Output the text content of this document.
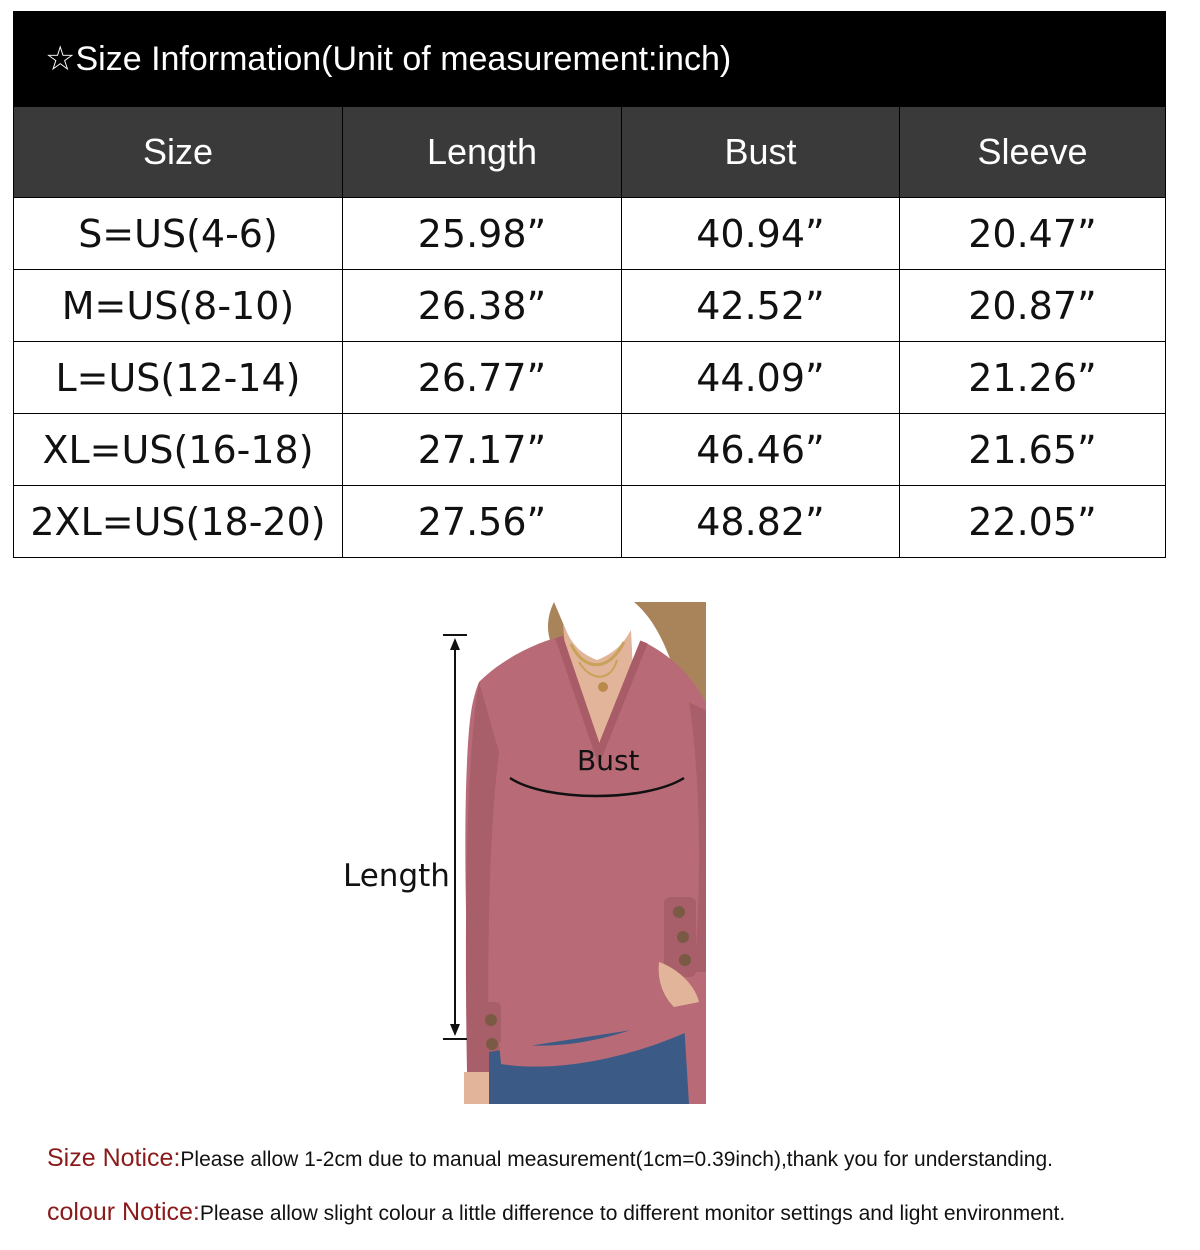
☆Size Information(Unit of measurement:inch)
Size	Length	Bust	Sleeve
S=US(4-6)	25.98”	40.94”	20.47”
M=US(8-10)	26.38”	42.52”	20.87”
L=US(12-14)	26.77”	44.09”	21.26”
XL=US(16-18)	27.17”	46.46”	21.65”
2XL=US(18-20)	27.56”	48.82”	22.05”
Length
Bust
Size Notice:Please allow 1-2cm due to manual measurement(1cm=0.39inch),thank you for understanding.
colour Notice:Please allow slight colour a little difference to different monitor settings and light environment.
